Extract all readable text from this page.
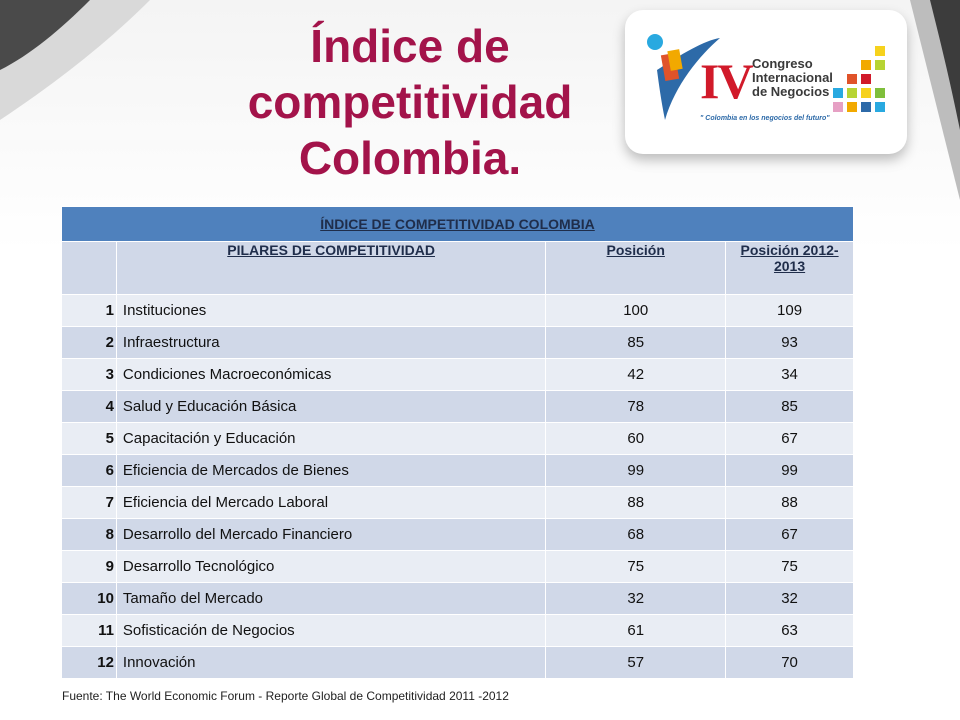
Índice de competitividad Colombia.
IV Congreso
Internacional
de Negocios
" Colombia en los negocios del futuro"
ÍNDICE DE COMPETITIVIDAD COLOMBIA			
	PILARES DE COMPETITIVIDAD	Posición	Posición 2012-2013
1	Instituciones	100	109
2	Infraestructura	85	93
3	Condiciones Macroeconómicas	42	34
4	Salud y Educación Básica	78	85
5	Capacitación y Educación	60	67
6	Eficiencia de Mercados de Bienes	99	99
7	Eficiencia del Mercado Laboral	88	88
8	Desarrollo del Mercado Financiero	68	67
9	Desarrollo Tecnológico	75	75
10	Tamaño del Mercado	32	32
11	Sofisticación de Negocios	61	63
12	Innovación	57	70
Fuente: The World Economic Forum - Reporte Global de Competitividad 2011 -2012
